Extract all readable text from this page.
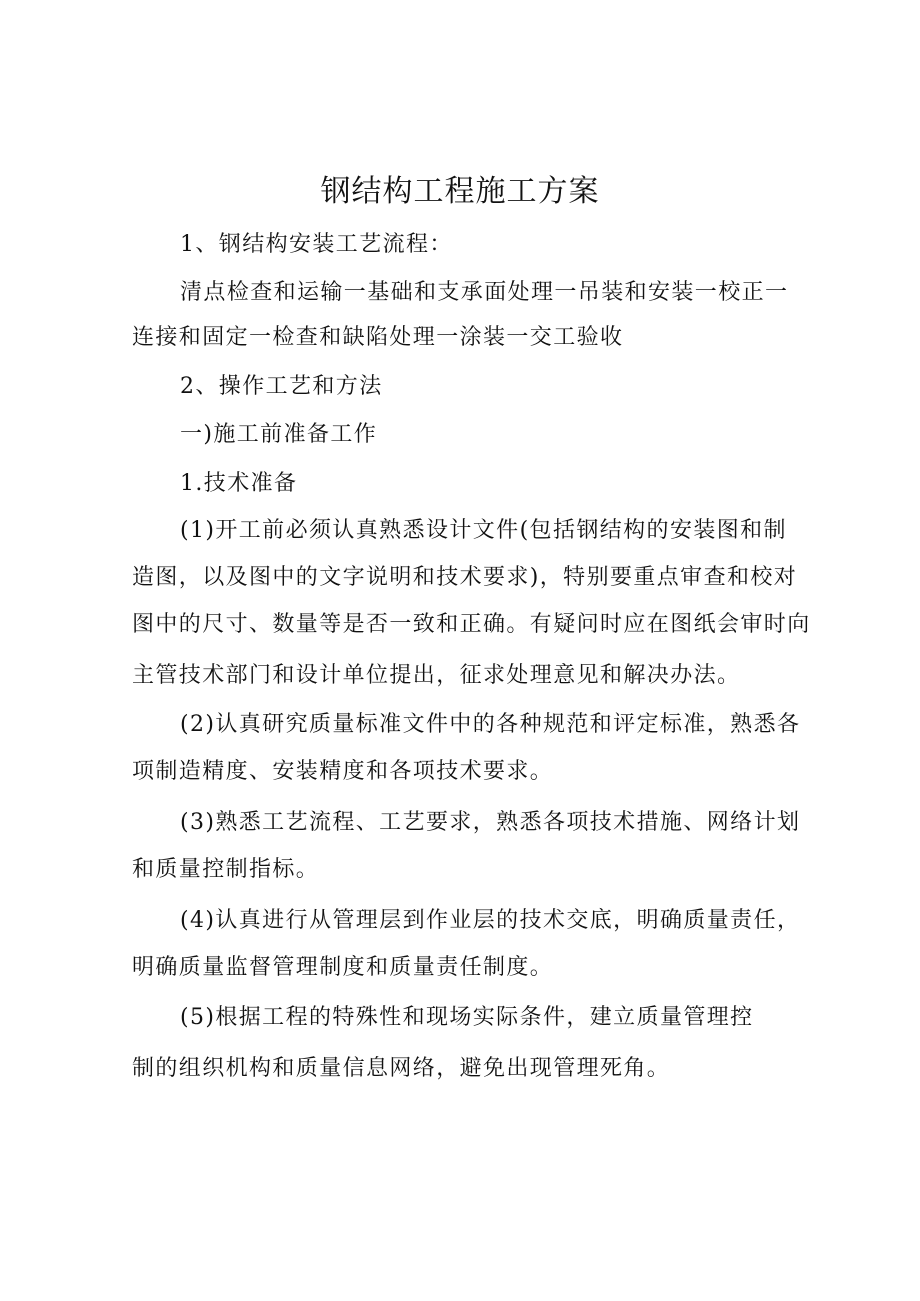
钢结构工程施工方案
1、钢结构安装工艺流程：
清点检查和运输一基础和支承面处理一吊装和安装一校正一
连接和固定一检查和缺陷处理一涂装一交工验收
2、操作工艺和方法
一)施工前准备工作
1.技术准备
(1)开工前必须认真熟悉设计文件(包括钢结构的安装图和制
造图，以及图中的文字说明和技术要求)，特别要重点审查和校对
图中的尺寸、数量等是否一致和正确。有疑问时应在图纸会审时向
主管技术部门和设计单位提出，征求处理意见和解决办法。
(2)认真研究质量标准文件中的各种规范和评定标准，熟悉各
项制造精度、安装精度和各项技术要求。
(3)熟悉工艺流程、工艺要求，熟悉各项技术措施、网络计划
和质量控制指标。
(4)认真进行从管理层到作业层的技术交底，明确质量责任，
明确质量监督管理制度和质量责任制度。
(5)根据工程的特殊性和现场实际条件，建立质量管理控
制的组织机构和质量信息网络，避免出现管理死角。
